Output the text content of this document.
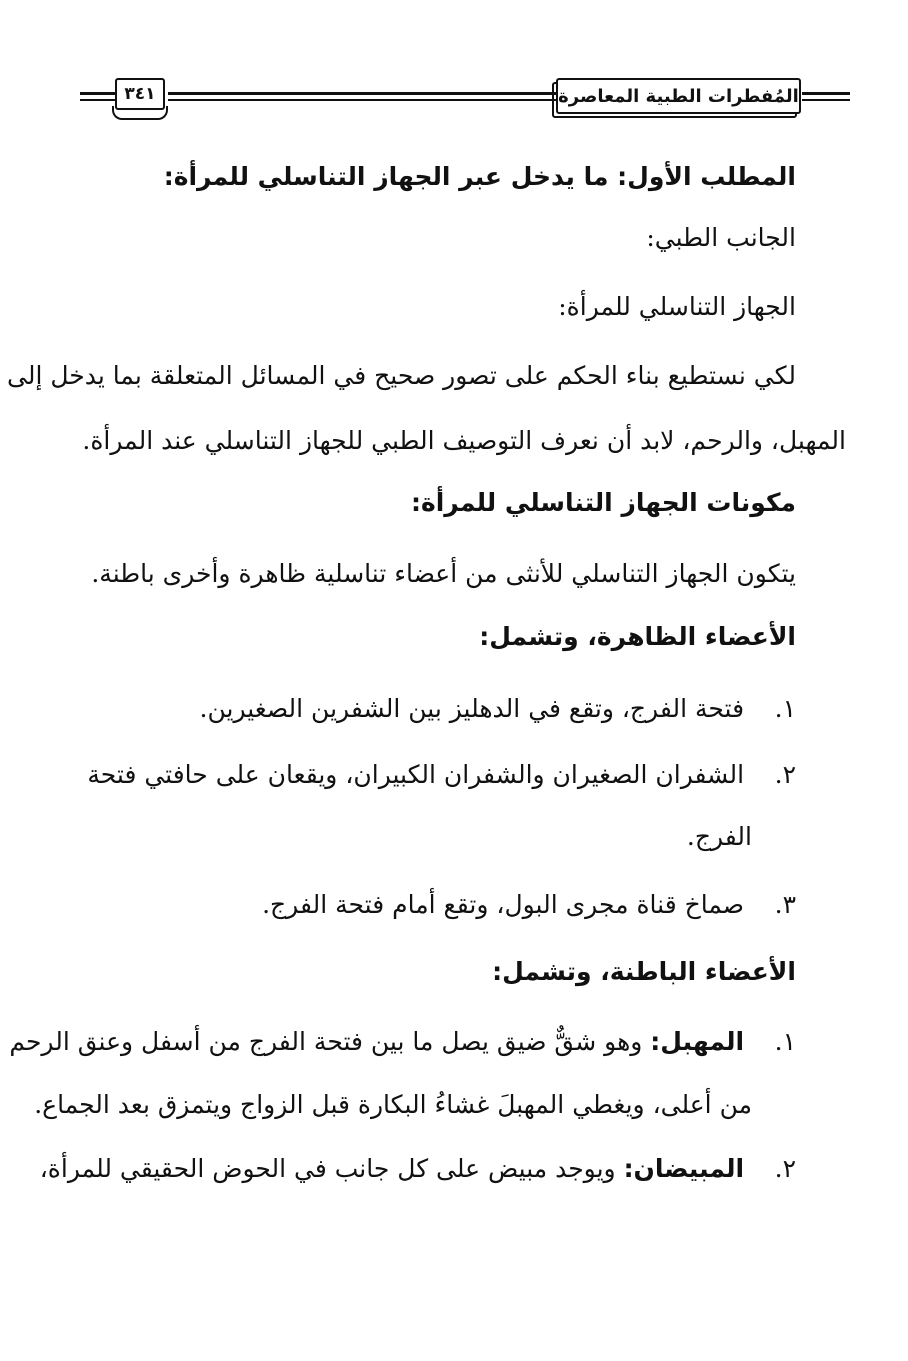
٣٤١	المُفطرات الطبية المعاصرة
المطلب الأول: ما يدخل عبر الجهاز التناسلي للمرأة:
الجانب الطبي:
الجهاز التناسلي للمرأة:
لكي نستطيع بناء الحكم على تصور صحيح في المسائل المتعلقة بما يدخل إلى
المهبل، والرحم، لابد أن نعرف التوصيف الطبي للجهاز التناسلي عند المرأة.
مكونات الجهاز التناسلي للمرأة:
يتكون الجهاز التناسلي للأنثى من أعضاء تناسلية ظاهرة وأخرى باطنة.
الأعضاء الظاهرة، وتشمل:
١. فتحة الفرج، وتقع في الدهليز بين الشفرين الصغيرين.
٢. الشفران الصغيران والشفران الكبيران، ويقعان على حافتي فتحة
الفرج.
٣. صماخ قناة مجرى البول، وتقع أمام فتحة الفرج.
الأعضاء الباطنة، وتشمل:
١. المهبل: وهو شقٌّ ضيق يصل ما بين فتحة الفرج من أسفل وعنق الرحم
من أعلى، ويغطي المهبلَ غشاءُ البكارة قبل الزواج ويتمزق بعد الجماع.
٢. المبيضان: ويوجد مبيض على كل جانب في الحوض الحقيقي للمرأة،
